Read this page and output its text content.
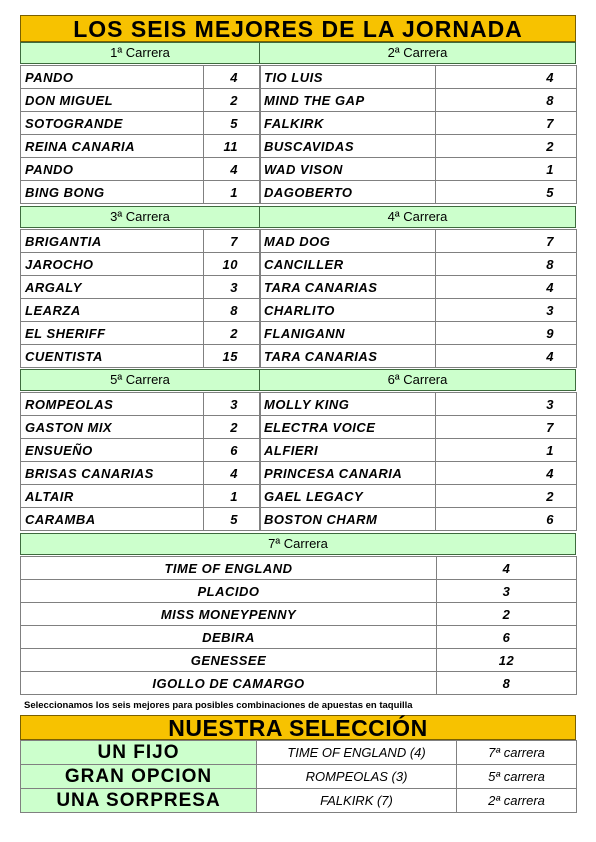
LOS SEIS MEJORES DE LA JORNADA
1ª Carrera	2ª Carrera
3ª Carrera	4ª Carrera
5ª Carrera	6ª Carrera
7ª Carrera
PANDO	4
DON MIGUEL	2
SOTOGRANDE	5
REINA CANARIA	11
PANDO	4
BING BONG	1
TIO LUIS	4
MIND THE GAP	8
FALKIRK	7
BUSCAVIDAS	2
WAD VISON	1
DAGOBERTO	5
BRIGANTIA	7
JAROCHO	10
ARGALY	3
LEARZA	8
EL SHERIFF	2
CUENTISTA	15
MAD DOG	7
CANCILLER	8
TARA CANARIAS	4
CHARLITO	3
FLANIGANN	9
TARA CANARIAS	4
ROMPEOLAS	3
GASTON MIX	2
ENSUEÑO	6
BRISAS CANARIAS	4
ALTAIR	1
CARAMBA	5
MOLLY KING	3
ELECTRA VOICE	7
ALFIERI	1
PRINCESA CANARIA	4
GAEL LEGACY	2
BOSTON CHARM	6
TIME OF ENGLAND	4
PLACIDO	3
MISS MONEYPENNY	2
DEBIRA	6
GENESSEE	12
IGOLLO DE CAMARGO	8
Seleccionamos los seis mejores para posibles combinaciones de apuestas en taquilla
NUESTRA SELECCIÓN
UN FIJO	TIME OF ENGLAND (4)	7ª carrera
GRAN OPCION	ROMPEOLAS (3)	5ª carrera
UNA SORPRESA	FALKIRK (7)	2ª carrera
